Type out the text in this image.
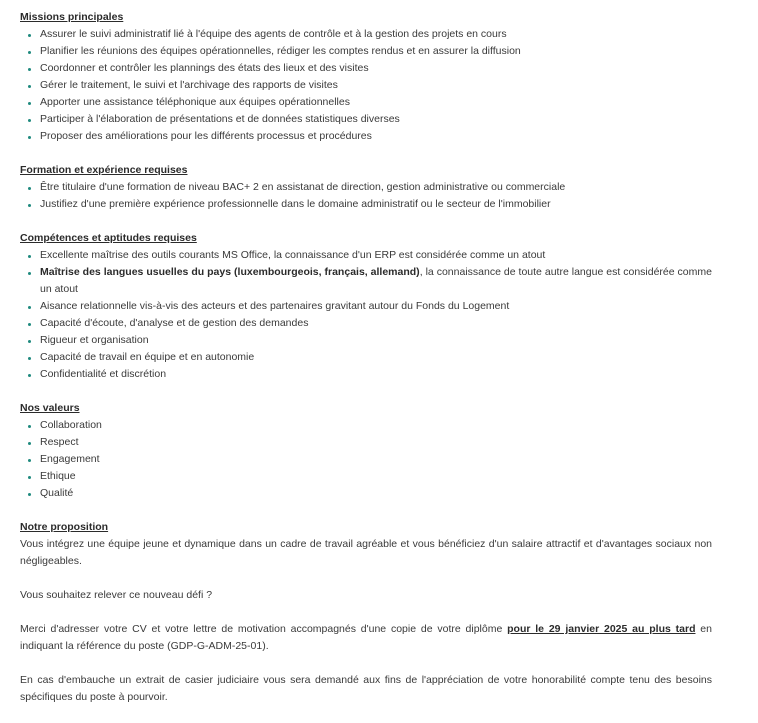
Missions principales
Assurer le suivi administratif lié à l'équipe des agents de contrôle et à la gestion des projets en cours
Planifier les réunions des équipes opérationnelles, rédiger les comptes rendus et en assurer la diffusion
Coordonner et contrôler les plannings des états des lieux et des visites
Gérer le traitement, le suivi et l'archivage des rapports de visites
Apporter une assistance téléphonique aux équipes opérationnelles
Participer à l'élaboration de présentations et de données statistiques diverses
Proposer des améliorations pour les différents processus et procédures
Formation et expérience requises
Être titulaire d'une formation de niveau BAC+ 2 en assistanat de direction, gestion administrative ou commerciale
Justifiez d'une première expérience professionnelle dans le domaine administratif ou le secteur de l'immobilier
Compétences et aptitudes requises
Excellente maîtrise des outils courants MS Office, la connaissance d'un ERP est considérée comme un atout
Maîtrise des langues usuelles du pays (luxembourgeois, français, allemand), la connaissance de toute autre langue est considérée comme un atout
Aisance relationnelle vis-à-vis des acteurs et des partenaires gravitant autour du Fonds du Logement
Capacité d'écoute, d'analyse et de gestion des demandes
Rigueur et organisation
Capacité de travail en équipe et en autonomie
Confidentialité et discrétion
Nos valeurs
Collaboration
Respect
Engagement
Ethique
Qualité
Notre proposition

Vous intégrez une équipe jeune et dynamique dans un cadre de travail agréable et vous bénéficiez d'un salaire attractif et d'avantages sociaux non négligeables.

Vous souhaitez relever ce nouveau défi ?

Merci d'adresser votre CV et votre lettre de motivation accompagnés d'une copie de votre diplôme pour le 29 janvier 2025 au plus tard en indiquant la référence du poste (GDP-G-ADM-25-01).

En cas d'embauche un extrait de casier judiciaire vous sera demandé aux fins de l'appréciation de votre honorabilité compte tenu des besoins spécifiques du poste à pourvoir.
